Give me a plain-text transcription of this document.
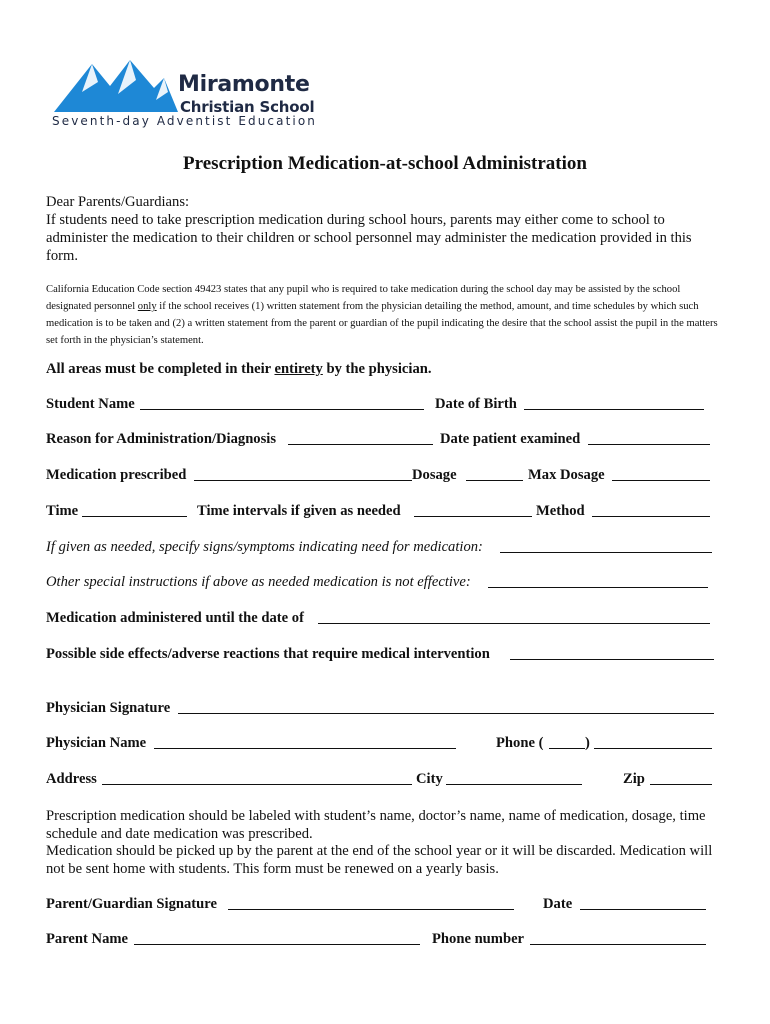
Miramonte
Christian School
Seventh-day Adventist Education
Prescription Medication-at-school Administration
Dear Parents/Guardians:
If students need to take prescription medication during school hours, parents may either come to school to administer the medication to their children or school personnel may administer the medication provided in this form.
California Education Code section 49423 states that any pupil who is required to take medication during the school day may be assisted by the school designated personnel only if the school receives (1) written statement from the physician detailing the method, amount, and time schedules by which such medication is to be taken and (2) a written statement from the parent or guardian of the pupil indicating the desire that the school assist the pupil in the matters set forth in the physician’s statement.
All areas must be completed in their entirety by the physician.
Student Name	Date of Birth
Reason for Administration/Diagnosis	Date patient examined
Medication prescribed	Dosage	Max Dosage
Time	Time intervals if given as needed	Method
If given as needed, specify signs/symptoms indicating need for medication:
Other special instructions if above as needed medication is not effective:
Medication administered until the date of
Possible side effects/adverse reactions that require medical intervention
Physician Signature
Physician Name	Phone (	)
Address	City	Zip
Prescription medication should be labeled with student’s name, doctor’s name, name of medication, dosage, time schedule and date medication was prescribed.
Medication should be picked up by the parent at the end of the school year or it will be discarded. Medication will not be sent home with students. This form must be renewed on a yearly basis.
Parent/Guardian Signature	Date
Parent Name	Phone number
